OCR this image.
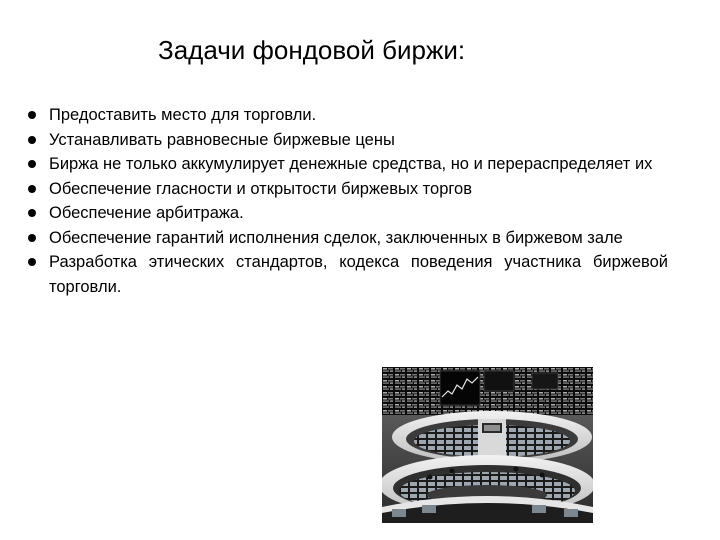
Задачи фондовой биржи:
Предоставить место для торговли.
Устанавливать равновесные биржевые цены
Биржа не только аккумулирует денежные средства, но и перераспределяет их
Обеспечение гласности и открытости биржевых торгов
Обеспечение арбитража.
Обеспечение гарантий исполнения сделок, заключенных в биржевом зале
Разработка этических стандартов, кодекса поведения участника биржевой торговли.
